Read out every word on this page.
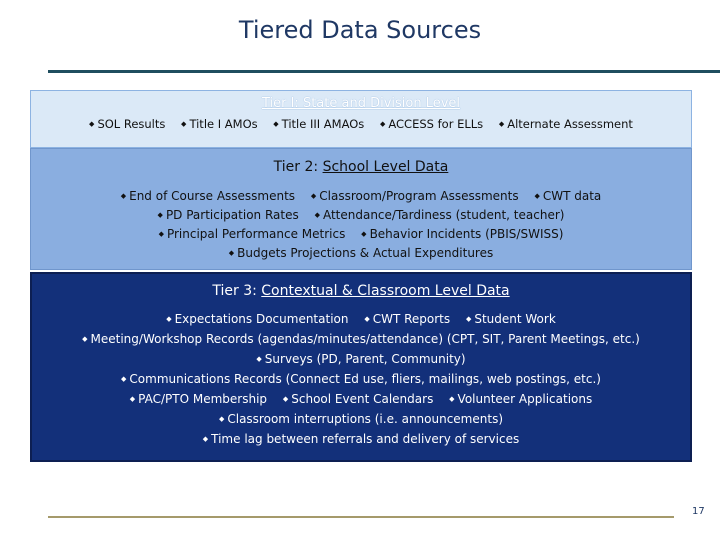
Tiered Data Sources
Tier I: State and Division Level
◆ SOL Results ◆ Title I AMOs ◆ Title III AMAOs ◆ ACCESS for ELLs ◆ Alternate Assessment
Tier 2: School Level Data
◆ End of Course Assessments ◆ Classroom/Program Assessments ◆ CWT data
◆ PD Participation Rates ◆ Attendance/Tardiness (student, teacher)
◆ Principal Performance Metrics ◆ Behavior Incidents (PBIS/SWISS)
◆ Budgets Projections & Actual Expenditures
Tier 3: Contextual & Classroom Level Data
◆ Expectations Documentation ◆ CWT Reports ◆ Student Work
◆ Meeting/Workshop Records (agendas/minutes/attendance) (CPT, SIT, Parent Meetings, etc.)
◆ Surveys (PD, Parent, Community)
◆ Communications Records (Connect Ed use, fliers, mailings, web postings, etc.)
◆ PAC/PTO Membership ◆ School Event Calendars ◆ Volunteer Applications
◆ Classroom interruptions (i.e. announcements)
◆ Time lag between referrals and delivery of services
17
